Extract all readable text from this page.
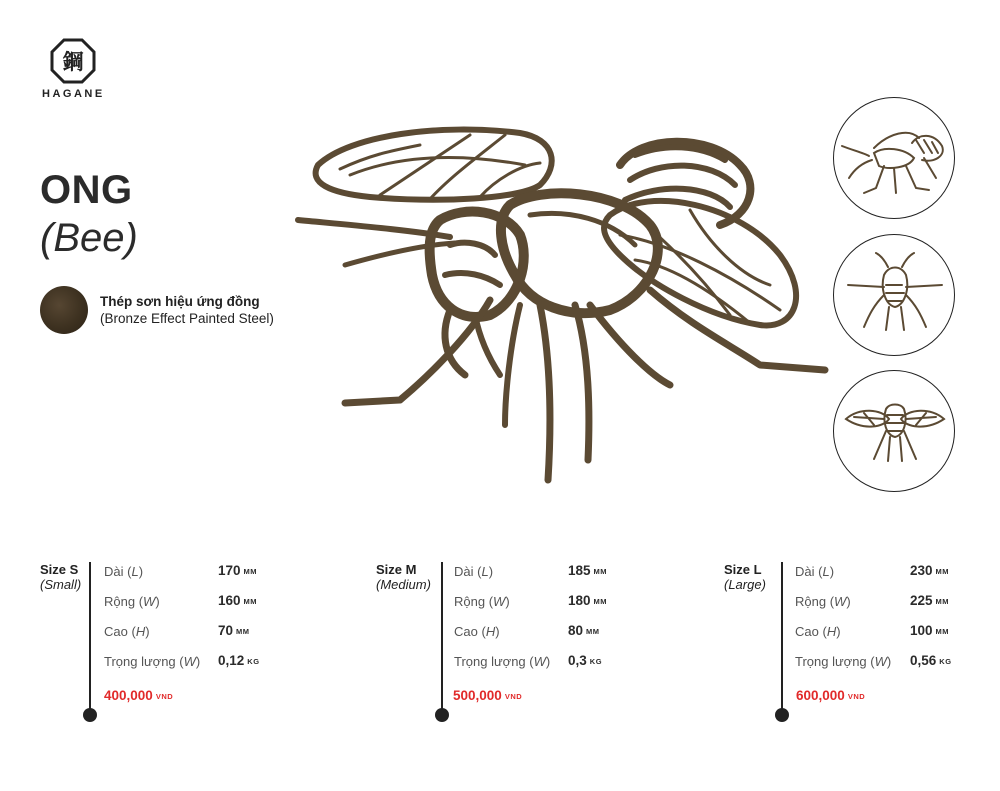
鋼
HAGANE
ONG
(Bee)
Thép sơn hiệu ứng đồng
(Bronze Effect Painted Steel)
Size S
(Small)
Dài (L)	170 MM
Rộng (W)	160 MM
Cao (H)	70 MM
Trọng lượng (W) 0,12 KG
400,000 VND
Size M
(Medium)
Dài (L)	185 MM
Rộng (W)	180 MM
Cao (H)	80 MM
Trọng lượng (W) 0,3 KG
500,000 VND
Size L
(Large)
Dài (L)	230 MM
Rộng (W)	225 MM
Cao (H)	100 MM
Trọng lượng (W) 0,56 KG
600,000 VND
